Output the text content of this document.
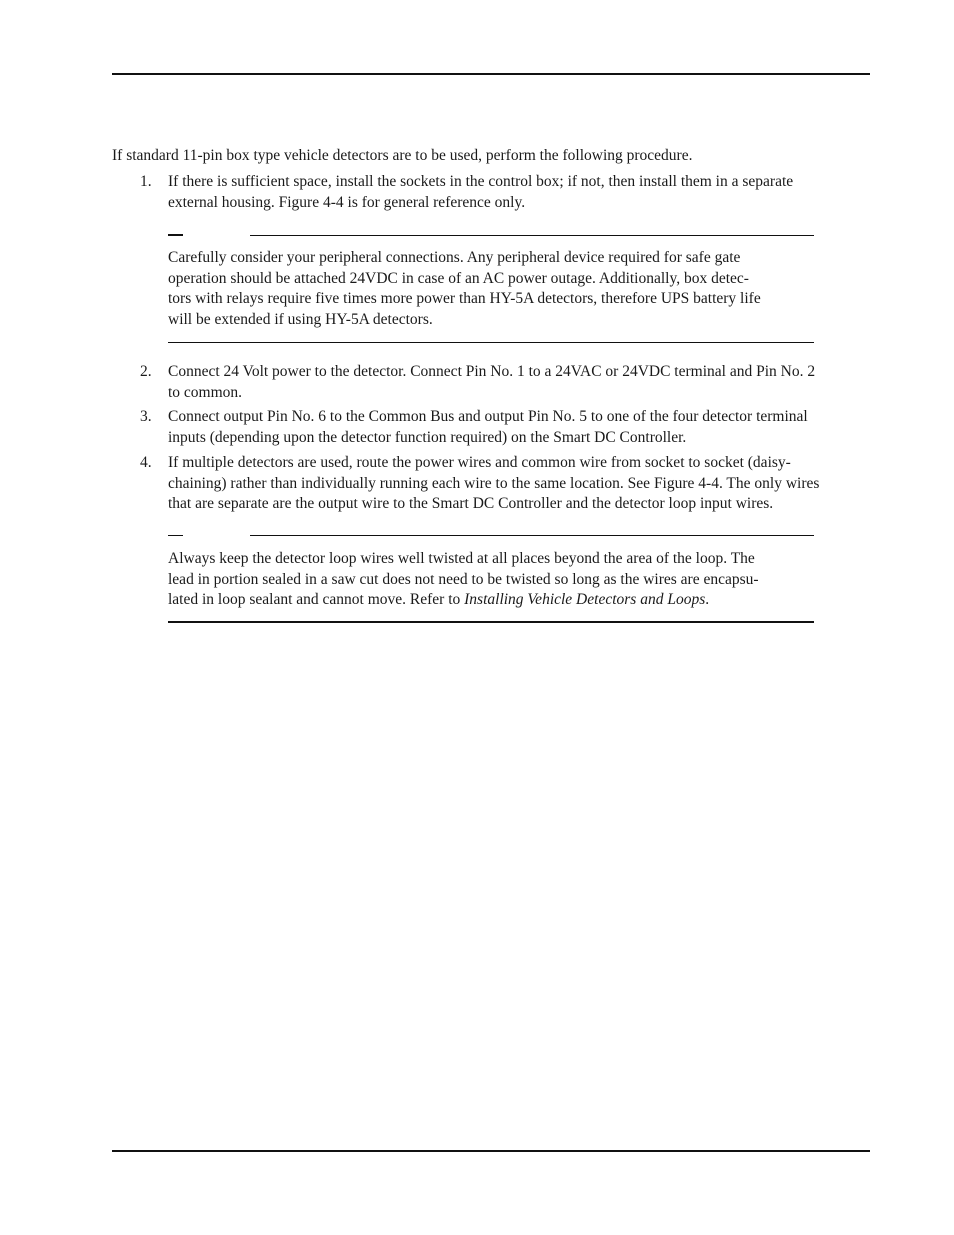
If standard 11-pin box type vehicle detectors are to be used, perform the following procedure.
1. If there is sufficient space, install the sockets in the control box; if not, then install them in a separate
external housing. Figure 4-4 is for general reference only.
Carefully consider your peripheral connections. Any peripheral device required for safe gate
operation should be attached 24VDC in case of an AC power outage. Additionally, box detec-
tors with relays require five times more power than HY-5A detectors, therefore UPS battery life
will be extended if using HY-5A detectors.
2. Connect 24 Volt power to the detector. Connect Pin No. 1 to a 24VAC or 24VDC terminal and Pin No. 2
to common.
3. Connect output Pin No. 6 to the Common Bus and output Pin No. 5 to one of the four detector terminal
inputs (depending upon the detector function required) on the Smart DC Controller.
4. If multiple detectors are used, route the power wires and common wire from socket to socket (daisy-
chaining) rather than individually running each wire to the same location. See Figure 4-4. The only wires
that are separate are the output wire to the Smart DC Controller and the detector loop input wires.
Always keep the detector loop wires well twisted at all places beyond the area of the loop. The
lead in portion sealed in a saw cut does not need to be twisted so long as the wires are encapsu-
lated in loop sealant and cannot move. Refer to Installing Vehicle Detectors and Loops.
